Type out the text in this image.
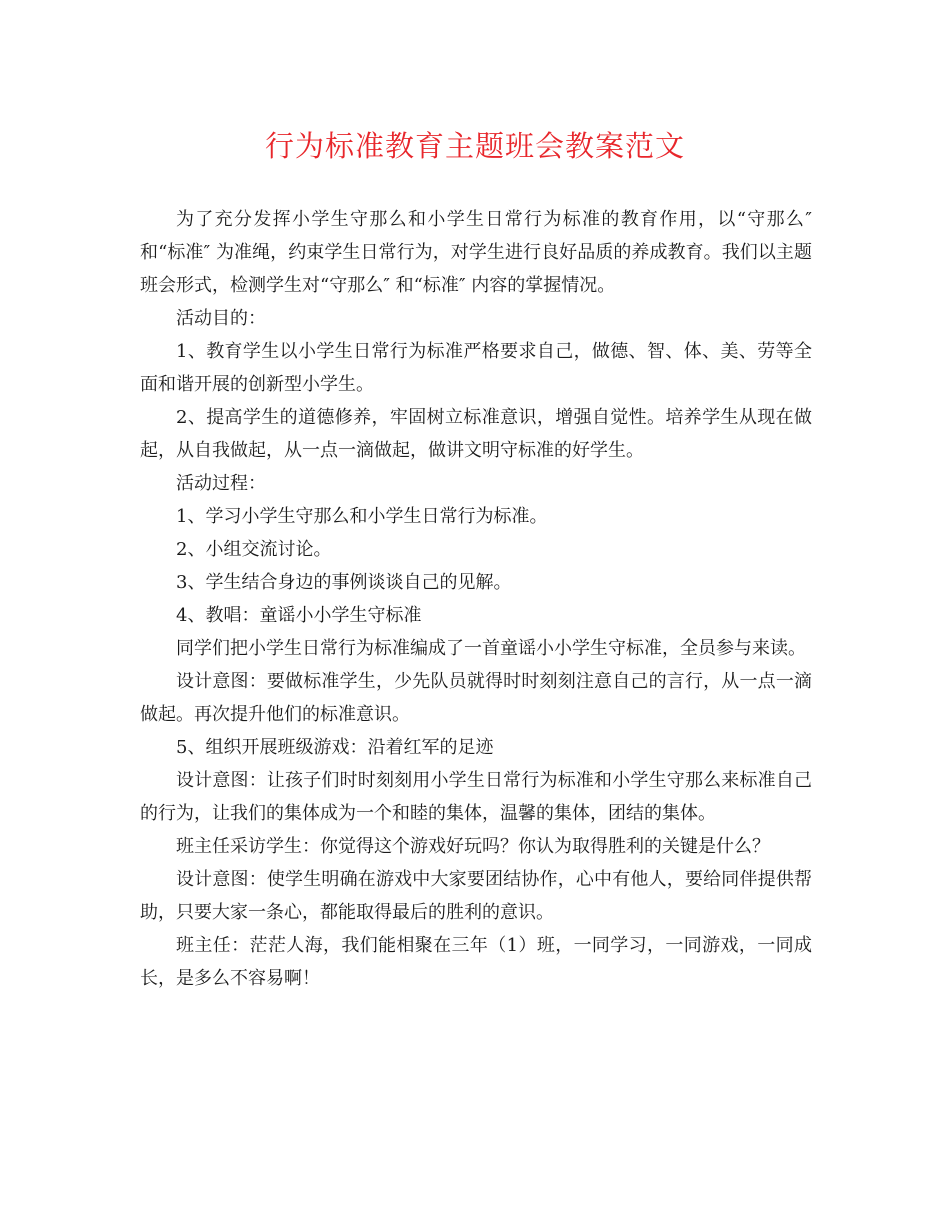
行为标准教育主题班会教案范文

为了充分发挥小学生守那么和小学生日常行为标准的教育作用，以“守那么″和“标准″ 为准绳，约束学生日常行为，对学生进行良好品质的养成教育。我们以主题班会形式，检测学生对“守那么″ 和“标准″ 内容的掌握情况。

活动目的：

1、教育学生以小学生日常行为标准严格要求自己，做德、智、体、美、劳等全面和谐开展的创新型小学生。

2、提高学生的道德修养，牢固树立标准意识，增强自觉性。培养学生从现在做起，从自我做起，从一点一滴做起，做讲文明守标准的好学生。

活动过程：

1、学习小学生守那么和小学生日常行为标准。

2、小组交流讨论。

3、学生结合身边的事例谈谈自己的见解。

4、教唱：童谣小小学生守标准

同学们把小学生日常行为标准编成了一首童谣小小学生守标准，全员参与来读。

设计意图：要做标准学生，少先队员就得时时刻刻注意自己的言行，从一点一滴做起。再次提升他们的标准意识。

5、组织开展班级游戏：沿着红军的足迹

设计意图：让孩子们时时刻刻用小学生日常行为标准和小学生守那么来标准自己的行为，让我们的集体成为一个和睦的集体，温馨的集体，团结的集体。

班主任采访学生：你觉得这个游戏好玩吗？你认为取得胜利的关键是什么？

设计意图：使学生明确在游戏中大家要团结协作，心中有他人，要给同伴提供帮助，只要大家一条心，都能取得最后的胜利的意识。

班主任：茫茫人海，我们能相聚在三年（1）班，一同学习，一同游戏，一同成长，是多么不容易啊！
